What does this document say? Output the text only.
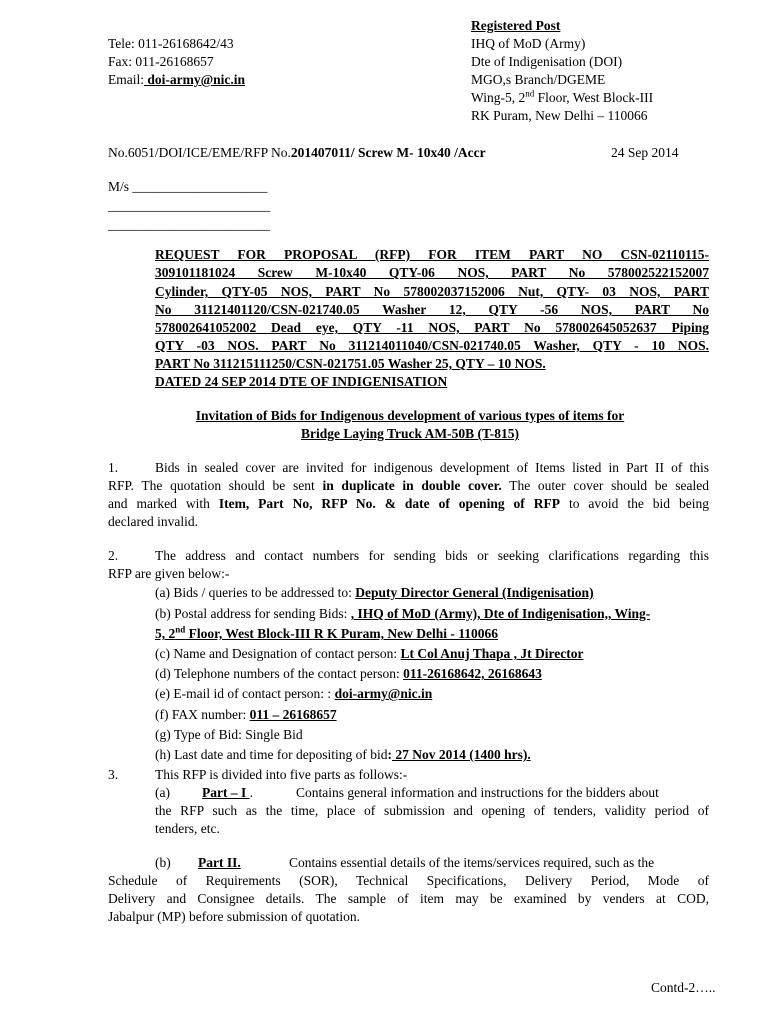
Tele: 011-26168642/43
Fax: 011-26168657
Email: doi-army@nic.in
Registered Post
IHQ of MoD (Army)
Dte of Indigenisation (DOI)
MGO,s Branch/DGEME
Wing-5, 2nd Floor, West Block-III
RK Puram, New Delhi – 110066
No.6051/DOI/ICE/EME/RFP No.201407011/ Screw M- 10x40 /Accr	24 Sep 2014
M/s ____________________
________________________
________________________
REQUEST FOR PROPOSAL (RFP) FOR ITEM PART NO CSN-02110115-
309101181024 Screw M-10x40 QTY-06 NOS, PART No 578002522152007
Cylinder, QTY-05 NOS, PART No 578002037152006 Nut, QTY- 03 NOS, PART
No 31121401120/CSN-021740.05 Washer 12, QTY -56 NOS, PART No
578002641052002 Dead eye, QTY -11 NOS, PART No 578002645052637 Piping
QTY -03 NOS. PART No 311214011040/CSN-021740.05 Washer, QTY - 10 NOS.
PART No 311215111250/CSN-021751.05 Washer 25, QTY – 10 NOS.
DATED 24 SEP 2014 DTE OF INDIGENISATION
Invitation of Bids for Indigenous development of various types of items for
Bridge Laying Truck AM-50B (T-815)
1.	Bids in sealed cover are invited for indigenous development of Items listed in Part II of this
RFP. The quotation should be sent in duplicate in double cover. The outer cover should be sealed
and marked with Item, Part No, RFP No. & date of opening of RFP to avoid the bid being
declared invalid.
2.	The address and contact numbers for sending bids or seeking clarifications regarding this
RFP are given below:-
(a) Bids / queries to be addressed to: Deputy Director General (Indigenisation)
(b) Postal address for sending Bids: , IHQ of MoD (Army), Dte of Indigenisation,, Wing-
5, 2nd Floor, West Block-III R K Puram, New Delhi - 110066
(c) Name and Designation of contact person: Lt Col Anuj Thapa , Jt Director
(d) Telephone numbers of the contact person: 011-26168642, 26168643
(e) E-mail id of contact person: : doi-army@nic.in
(f) FAX number: 011 – 26168657
(g) Type of Bid: Single Bid
(h) Last date and time for depositing of bid: 27 Nov 2014 (1400 hrs).
3.	This RFP is divided into five parts as follows:-
(a) Part – I .	Contains general information and instructions for the bidders about
the RFP such as the time, place of submission and opening of tenders, validity period of
tenders, etc.
(b) Part II.	Contains essential details of the items/services required, such as the
Schedule of Requirements (SOR), Technical Specifications, Delivery Period, Mode of
Delivery and Consignee details. The sample of item may be examined by venders at COD,
Jabalpur (MP) before submission of quotation.
Contd-2…..
